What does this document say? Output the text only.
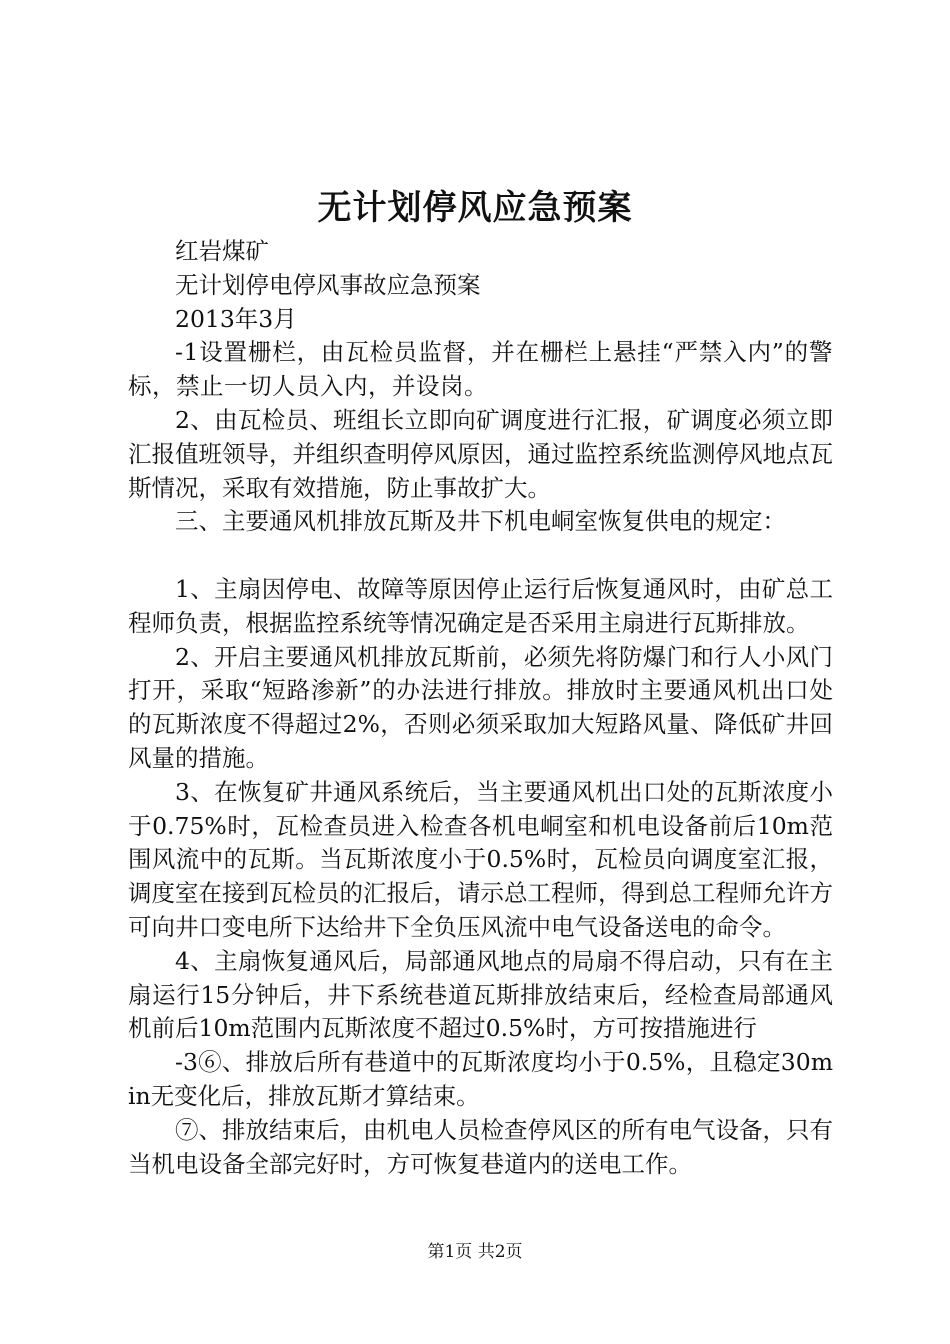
无计划停风应急预案

红岩煤矿

无计划停电停风事故应急预案

2013年3月

-1设置栅栏，由瓦检员监督，并在栅栏上悬挂“严禁入内”的警标，禁止一切人员入内，并设岗。

2、由瓦检员、班组长立即向矿调度进行汇报，矿调度必须立即汇报值班领导，并组织查明停风原因，通过监控系统监测停风地点瓦斯情况，采取有效措施，防止事故扩大。

三、主要通风机排放瓦斯及井下机电峒室恢复供电的规定：

1、主扇因停电、故障等原因停止运行后恢复通风时，由矿总工程师负责，根据监控系统等情况确定是否采用主扇进行瓦斯排放。

2、开启主要通风机排放瓦斯前，必须先将防爆门和行人小风门打开，采取“短路渗新”的办法进行排放。排放时主要通风机出口处的瓦斯浓度不得超过2%，否则必须采取加大短路风量、降低矿井回风量的措施。

3、在恢复矿井通风系统后，当主要通风机出口处的瓦斯浓度小于0.75%时，瓦检查员进入检查各机电峒室和机电设备前后10m范围风流中的瓦斯。当瓦斯浓度小于0.5%时，瓦检员向调度室汇报，调度室在接到瓦检员的汇报后，请示总工程师，得到总工程师允许方可向井口变电所下达给井下全负压风流中电气设备送电的命令。

4、主扇恢复通风后，局部通风地点的局扇不得启动，只有在主扇运行15分钟后，井下系统巷道瓦斯排放结束后，经检查局部通风机前后10m范围内瓦斯浓度不超过0.5%时，方可按措施进行

-3⑥、排放后所有巷道中的瓦斯浓度均小于0.5%，且稳定30min无变化后，排放瓦斯才算结束。

⑦、排放结束后，由机电人员检查停风区的所有电气设备，只有当机电设备全部完好时，方可恢复巷道内的送电工作。

第1页 共2页
